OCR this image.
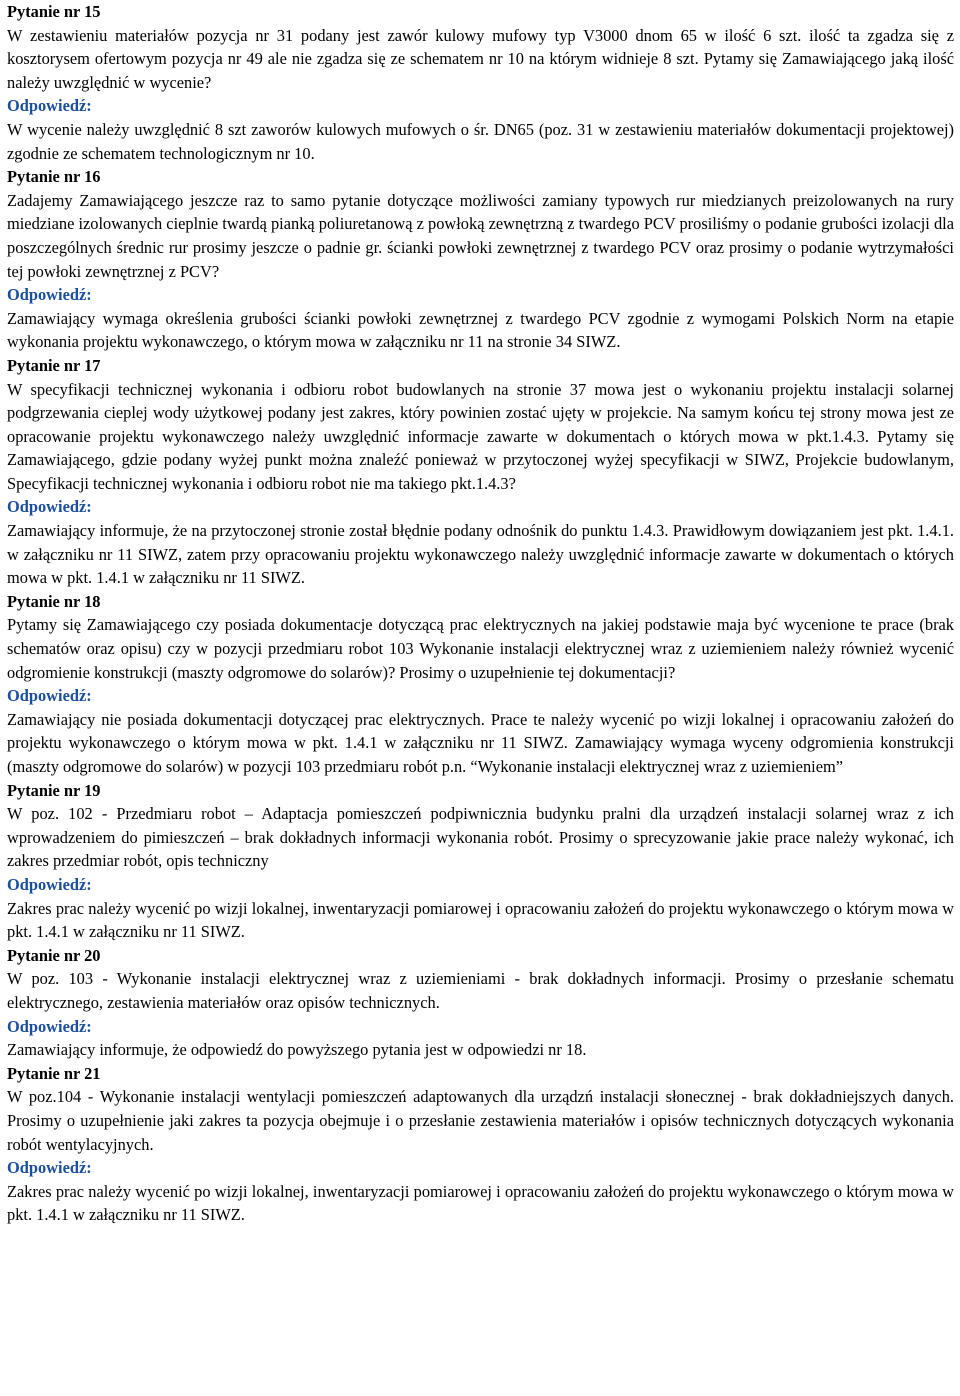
Pytanie nr 15

W zestawieniu materiałów pozycja nr 31 podany jest zawór kulowy mufowy typ V3000 dnom 65 w ilość 6 szt. ilość ta zgadza się z kosztorysem ofertowym pozycja nr 49 ale nie zgadza się ze schematem nr 10 na którym widnieje 8 szt. Pytamy się Zamawiającego jaką ilość należy uwzględnić w wycenie?

Odpowiedź:

W wycenie należy uwzględnić 8 szt zaworów kulowych mufowych o śr. DN65 (poz. 31 w zestawieniu materiałów dokumentacji projektowej) zgodnie ze schematem technologicznym nr 10.

Pytanie nr 16

Zadajemy Zamawiającego jeszcze raz to samo pytanie dotyczące możliwości zamiany typowych rur miedzianych preizolowanych na rury miedziane izolowanych cieplnie twardą pianką poliuretanową z powłoką zewnętrzną z twardego PCV prosiliśmy o podanie grubości izolacji dla poszczególnych średnic rur prosimy jeszcze o padnie gr. ścianki powłoki zewnętrznej z twardego PCV oraz prosimy o podanie wytrzymałości tej powłoki zewnętrznej z PCV?

Odpowiedź:

Zamawiający wymaga określenia grubości ścianki powłoki zewnętrznej z twardego PCV zgodnie z wymogami Polskich Norm na etapie wykonania projektu wykonawczego, o którym mowa w załączniku nr 11 na stronie 34 SIWZ.

Pytanie nr 17

W specyfikacji technicznej wykonania i odbioru robot budowlanych na stronie 37 mowa jest o wykonaniu projektu instalacji solarnej podgrzewania cieplej wody użytkowej podany jest zakres, który powinien zostać ujęty w projekcie. Na samym końcu tej strony mowa jest ze opracowanie projektu wykonawczego należy uwzględnić informacje zawarte w dokumentach o których mowa w pkt.1.4.3. Pytamy się Zamawiającego, gdzie podany wyżej punkt można znaleźć ponieważ w przytoczonej wyżej specyfikacji w SIWZ, Projekcie budowlanym, Specyfikacji technicznej wykonania i odbioru robot nie ma takiego pkt.1.4.3?

Odpowiedź:

Zamawiający informuje, że na przytoczonej stronie został błędnie podany odnośnik do punktu 1.4.3. Prawidłowym dowiązaniem jest pkt. 1.4.1. w załączniku nr 11 SIWZ, zatem przy opracowaniu projektu wykonawczego należy uwzględnić informacje zawarte w dokumentach o których mowa w pkt. 1.4.1 w załączniku nr 11 SIWZ.

Pytanie nr 18

Pytamy się Zamawiającego czy posiada dokumentacje dotyczącą prac elektrycznych na jakiej podstawie maja być wycenione te prace (brak schematów oraz opisu) czy w pozycji przedmiaru robot 103 Wykonanie instalacji elektrycznej wraz z uziemieniem należy również wycenić odgromienie konstrukcji (maszty odgromowe do solarów)? Prosimy o uzupełnienie tej dokumentacji?

Odpowiedź:

Zamawiający nie posiada dokumentacji dotyczącej prac elektrycznych. Prace te należy wycenić po wizji lokalnej i opracowaniu założeń do projektu wykonawczego o którym mowa w pkt. 1.4.1 w załączniku nr 11 SIWZ. Zamawiający wymaga wyceny odgromienia konstrukcji (maszty odgromowe do solarów) w pozycji 103 przedmiaru robót p.n. “Wykonanie instalacji elektrycznej wraz z uziemieniem”

Pytanie nr 19

W poz. 102 - Przedmiaru robot – Adaptacja pomieszczeń podpiwnicznia budynku pralni dla urządzeń instalacji solarnej wraz z ich wprowadzeniem do pimieszczeń – brak dokładnych informacji wykonania robót. Prosimy o sprecyzowanie jakie prace należy wykonać, ich zakres przedmiar robót, opis techniczny

Odpowiedź:

Zakres prac należy wycenić po wizji lokalnej, inwentaryzacji pomiarowej i opracowaniu założeń do projektu wykonawczego o którym mowa w pkt. 1.4.1 w załączniku nr 11 SIWZ.

Pytanie nr 20

W poz. 103 - Wykonanie instalacji elektrycznej wraz z uziemieniami - brak dokładnych informacji. Prosimy o przesłanie schematu elektrycznego, zestawienia materiałów oraz opisów technicznych.

Odpowiedź:

Zamawiający informuje, że odpowiedź do powyższego pytania jest w odpowiedzi nr 18.

Pytanie nr 21

W poz.104 - Wykonanie instalacji wentylacji pomieszczeń adaptowanych dla urządzń instalacji słonecznej - brak dokładniejszych danych. Prosimy o uzupełnienie jaki zakres ta pozycja obejmuje i o przesłanie zestawienia materiałów i opisów technicznych dotyczących wykonania robót wentylacyjnych.

Odpowiedź:

Zakres prac należy wycenić po wizji lokalnej, inwentaryzacji pomiarowej i opracowaniu założeń do projektu wykonawczego o którym mowa w pkt. 1.4.1 w załączniku nr 11 SIWZ.
